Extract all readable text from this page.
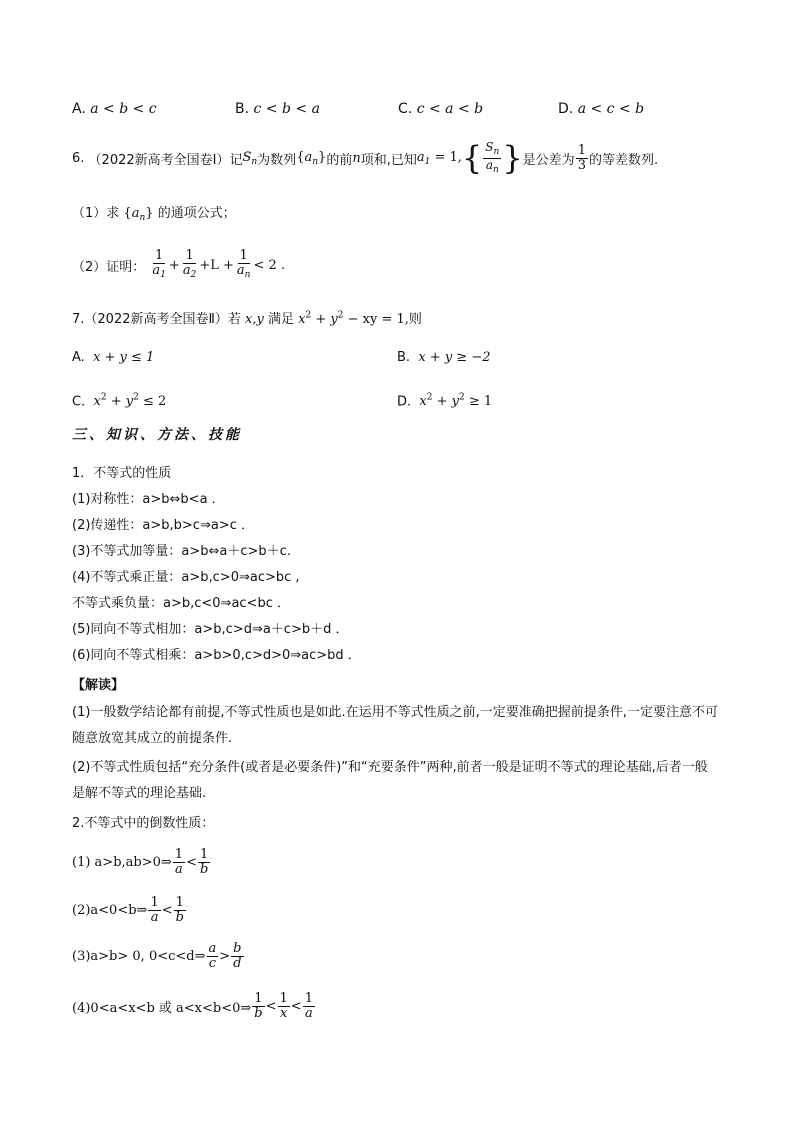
A. a < b < c	B. c < b < a	C. c < a < b	D. a < c < b
6.
（2022新高考全国卷Ⅰ）记 $S_n$ 为数列 $\{a_n\}$ 的前 n 项和,已知 $a_1 = 1$, { $\frac{S_n}{a_n}$ } 是公差为 $\frac{1}{3}$ 的等差数列.
（1）求 $\{a_n\}$ 的通项公式；
（2）证明：
$\frac{1}{a_1} + \frac{1}{a_2} +L + \frac{1}{a_n} < 2$ .
7.（2022新高考全国卷Ⅱ）若 x,y 满足 $x^2 + y^2$ − xy = 1,则
A. x + y ≤ 1	B. x + y ≥ −2
C. $x^2 + y^2 \le 2$	D. $x^2 + y^2 \ge 1$
三、知识、方法、技能
1．不等式的性质
(1)对称性：a>b⇔b<a ．
(2)传递性：a>b,b>c⇒a>c ．
(3)不等式加等量：a>b⇔a＋c>b＋c.
(4)不等式乘正量：a>b,c>0⇒ac>bc ,
不等式乘负量：a>b,c<0⇒ac<bc ．
(5)同向不等式相加：a>b,c>d⇒a＋c>b＋d ．
(6)同向不等式相乘：a>b>0,c>d>0⇒ac>bd ．
【解读】
(1)一般数学结论都有前提,不等式性质也是如此.在运用不等式性质之前,一定要准确把握前提条件,一定要注意不可随意放宽其成立的前提条件.
(2)不等式性质包括“充分条件(或者是必要条件)”和“充要条件”两种,前者一般是证明不等式的理论基础,后者一般是解不等式的理论基础.
2.不等式中的倒数性质：
(1) a>b,ab>0⇒ $\frac{1}{a} < \frac{1}{b}$
(2)a<0<b⇒ $\frac{1}{a} < \frac{1}{b}$
(3)a>b> 0, 0<c<d⇒ $\frac{a}{c} > \frac{b}{d}$
(4)0<a<x<b 或 a<x<b<0⇒ $\frac{1}{b} < \frac{1}{x} < \frac{1}{a}$
